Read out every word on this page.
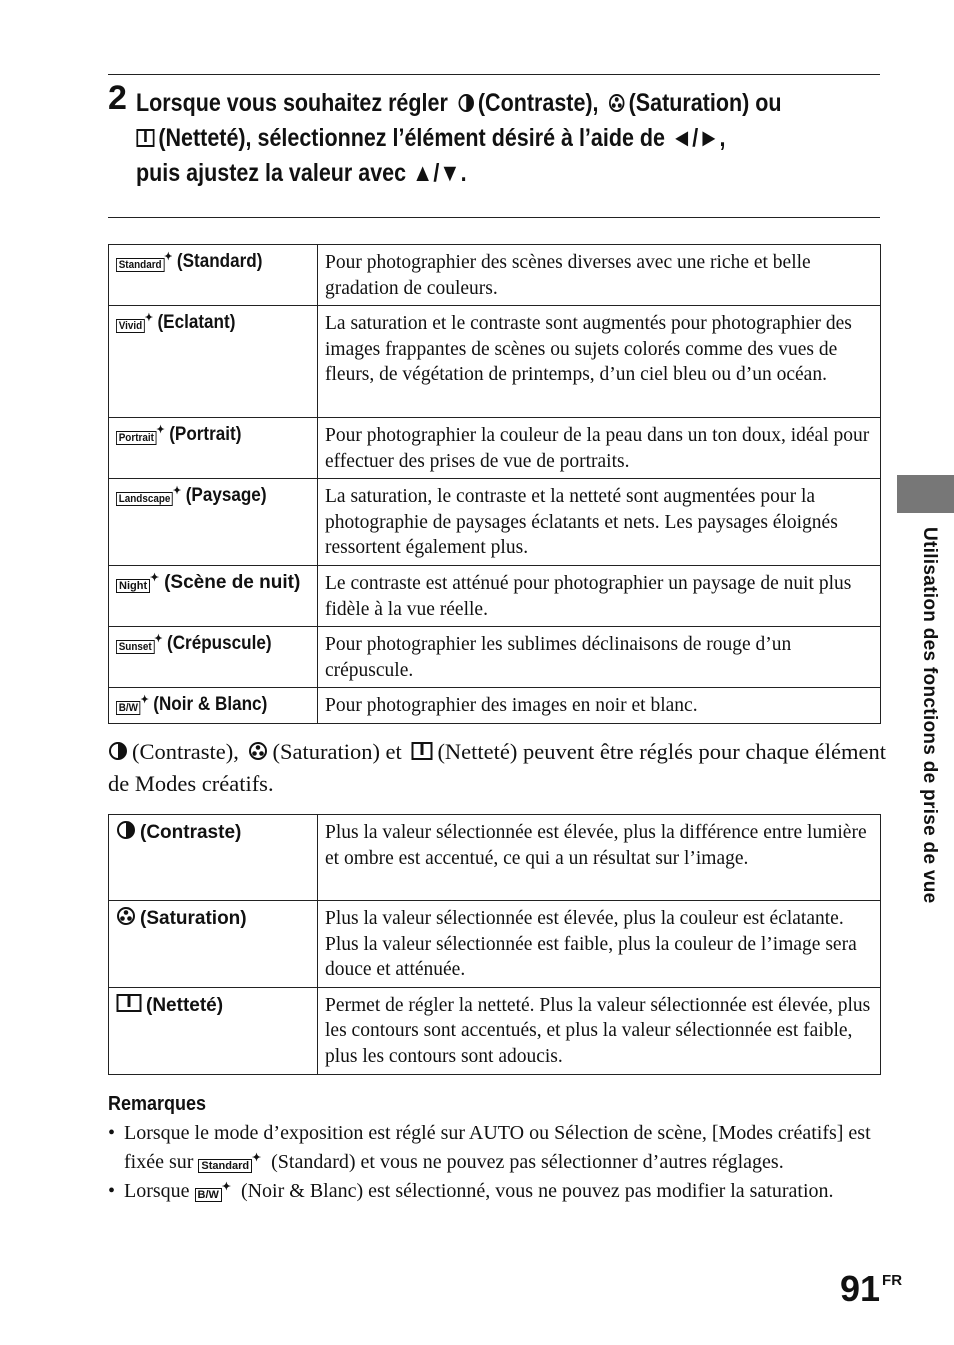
2 Lorsque vous souhaitez régler (Contraste), (Saturation) ou
(Netteté), sélectionnez l’élément désiré à l’aide de ◄/►,
puis ajustez la valeur avec ▲/▼.
Standard ✦ (Standard)	Pour photographier des scènes diverses avec une riche et belle gradation de couleurs.
Vivid ✦ (Eclatant)	La saturation et le contraste sont augmentés pour photographier des images frappantes de scènes ou sujets colorés comme des vues de fleurs, de végétation de printemps, d’un ciel bleu ou d’un océan.
Portrait ✦ (Portrait)	Pour photographier la couleur de la peau dans un ton doux, idéal pour effectuer des prises de vue de portraits.
Landscape ✦ (Paysage)	La saturation, le contraste et la netteté sont augmentées pour la photographie de paysages éclatants et nets. Les paysages éloignés ressortent également plus.
Night ✦ (Scène de nuit)	Le contraste est atténué pour photographier un paysage de nuit plus fidèle à la vue réelle.
Sunset ✦ (Crépuscule)	Pour photographier les sublimes déclinaisons de rouge d’un crépuscule.
B/W ✦ (Noir & Blanc)	Pour photographier des images en noir et blanc.
(Contraste), (Saturation) et (Netteté) peuvent être réglés pour chaque élément de Modes créatifs.
(Contraste)	Plus la valeur sélectionnée est élevée, plus la différence entre lumière et ombre est accentué, ce qui a un résultat sur l’image.
(Saturation)	Plus la valeur sélectionnée est élevée, plus la couleur est éclatante. Plus la valeur sélectionnée est faible, plus la couleur de l’image sera douce et atténuée.
(Netteté)	Permet de régler la netteté. Plus la valeur sélectionnée est élevée, plus les contours sont accentués, et plus la valeur sélectionnée est faible, plus les contours sont adoucis.
Remarques
• Lorsque le mode d’exposition est réglé sur AUTO ou Sélection de scène, [Modes créatifs] est fixée sur Standard ✦ (Standard) et vous ne pouvez pas sélectionner d’autres réglages.
• Lorsque B/W ✦ (Noir & Blanc) est sélectionné, vous ne pouvez pas modifier la saturation.
Utilisation des fonctions de prise de vue
91 $^{FR}$
